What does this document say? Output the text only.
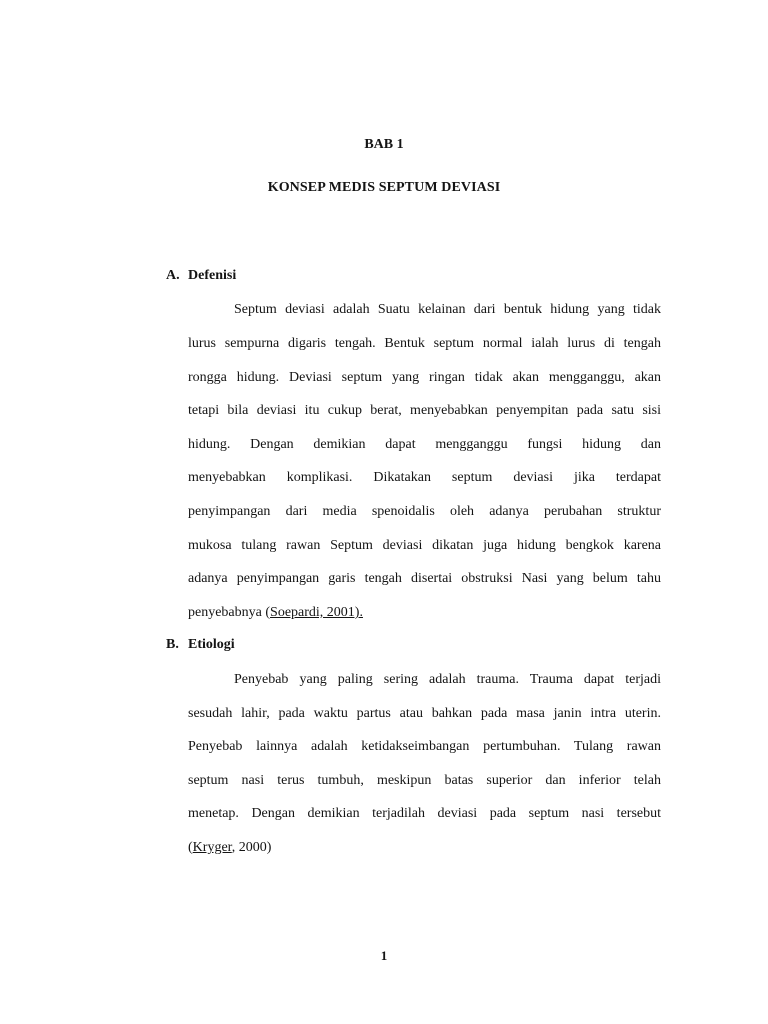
BAB 1
KONSEP MEDIS SEPTUM DEVIASI
A. Defenisi
Septum deviasi adalah Suatu kelainan dari bentuk hidung yang tidak
lurus sempurna digaris tengah. Bentuk septum normal ialah lurus di tengah
rongga hidung. Deviasi septum yang ringan tidak akan mengganggu, akan
tetapi bila deviasi itu cukup berat, menyebabkan penyempitan pada satu sisi
hidung. Dengan demikian dapat mengganggu fungsi hidung dan
menyebabkan komplikasi. Dikatakan septum deviasi jika terdapat
penyimpangan dari media spenoidalis oleh adanya perubahan struktur
mukosa tulang rawan Septum deviasi dikatan juga hidung bengkok karena
adanya penyimpangan garis tengah disertai obstruksi Nasi yang belum tahu
penyebabnya (Soepardi, 2001).
B. Etiologi
Penyebab yang paling sering adalah trauma. Trauma dapat terjadi
sesudah lahir, pada waktu partus atau bahkan pada masa janin intra uterin.
Penyebab lainnya adalah ketidakseimbangan pertumbuhan. Tulang rawan
septum nasi terus tumbuh, meskipun batas superior dan inferior telah
menetap. Dengan demikian terjadilah deviasi pada septum nasi tersebut
(Kryger, 2000)
1
